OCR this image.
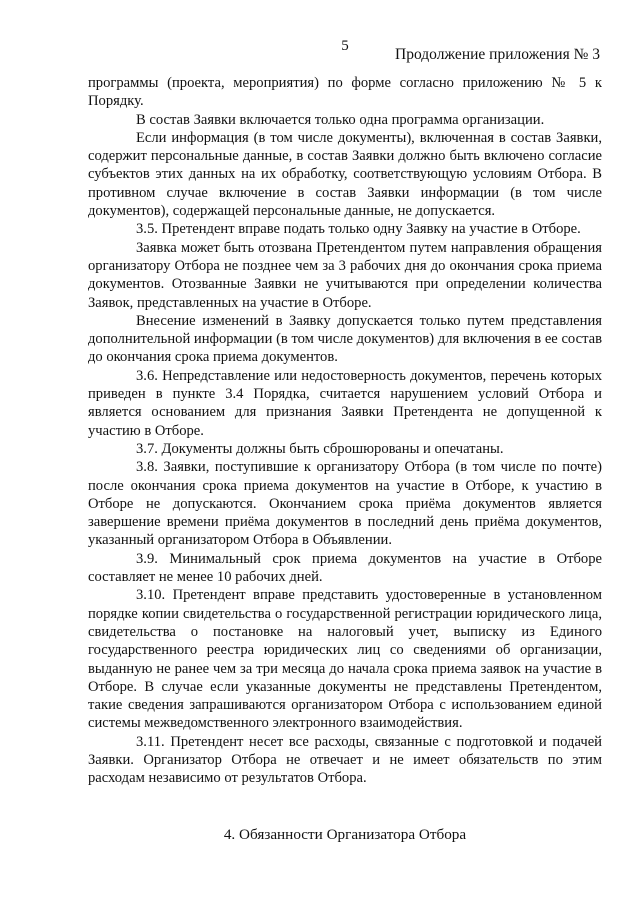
5	Продолжение приложения № 3

программы (проекта, мероприятия) по форме согласно приложению № 5 к Порядку.

В состав Заявки включается только одна программа организации.

Если информация (в том числе документы), включенная в состав Заявки, содержит персональные данные, в состав Заявки должно быть включено согласие субъектов этих данных на их обработку, соответствующую условиям Отбора. В противном случае включение в состав Заявки информации (в том числе документов), содержащей персональные данные, не допускается.

3.5. Претендент вправе подать только одну Заявку на участие в Отборе.

Заявка может быть отозвана Претендентом путем направления обращения организатору Отбора не позднее чем за 3 рабочих дня до окончания срока приема документов. Отозванные Заявки не учитываются при определении количества Заявок, представленных на участие в Отборе.

Внесение изменений в Заявку допускается только путем представления дополнительной информации (в том числе документов) для включения в ее состав до окончания срока приема документов.

3.6. Непредставление или недостоверность документов, перечень которых приведен в пункте 3.4 Порядка, считается нарушением условий Отбора и является основанием для признания Заявки Претендента не допущенной к участию в Отборе.

3.7. Документы должны быть сброшюрованы и опечатаны.

3.8. Заявки, поступившие к организатору Отбора (в том числе по почте) после окончания срока приема документов на участие в Отборе, к участию в Отборе не допускаются. Окончанием срока приёма документов является завершение времени приёма документов в последний день приёма документов, указанный организатором Отбора в Объявлении.

3.9. Минимальный срок приема документов на участие в Отборе составляет не менее 10 рабочих дней.

3.10. Претендент вправе представить удостоверенные в установленном порядке копии свидетельства о государственной регистрации юридического лица, свидетельства о постановке на налоговый учет, выписку из Единого государственного реестра юридических лиц со сведениями об организации, выданную не ранее чем за три месяца до начала срока приема заявок на участие в Отборе. В случае если указанные документы не представлены Претендентом, такие сведения запрашиваются организатором Отбора с использованием единой системы межведомственного электронного взаимодействия.

3.11. Претендент несет все расходы, связанные с подготовкой и подачей Заявки. Организатор Отбора не отвечает и не имеет обязательств по этим расходам независимо от результатов Отбора.

4. Обязанности Организатора Отбора
